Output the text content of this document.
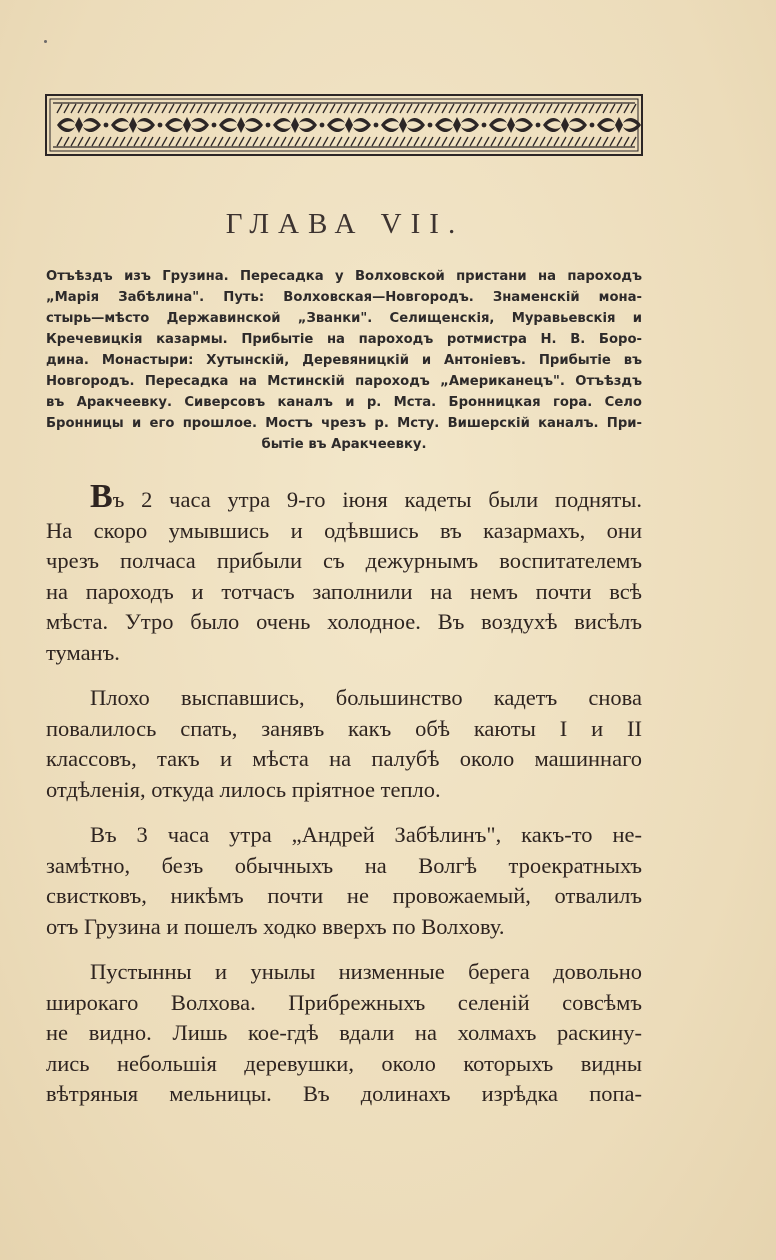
ГЛАВА VII.
Отъѣздъ изъ Грузина. Пересадка у Волховской пристани на пароходъ
„Марія Забѣлина". Путь: Волховская—Новгородъ. Знаменскій мона-
стырь—мѣсто Державинской „Званки". Селищенскія, Муравьевскія и
Кречевицкія казармы. Прибытіе на пароходъ ротмистра Н. В. Боро-
дина. Монастыри: Хутынскій, Деревяницкій и Антоніевъ. Прибытіе въ
Новгородъ. Пересадка на Мстинскій пароходъ „Американецъ". Отъѣздъ
въ Аракчеевку. Сиверсовъ каналъ и р. Мста. Бронницкая гора. Село
Бронницы и его прошлое. Мостъ чрезъ р. Мсту. Вишерскій каналъ. При-
бытіе въ Аракчеевку.
Въ 2 часа утра 9-го іюня кадеты были подняты.
На скоро умывшись и одѣвшись въ казармахъ, они
чрезъ полчаса прибыли съ дежурнымъ воспитателемъ
на пароходъ и тотчасъ заполнили на немъ почти всѣ
мѣста. Утро было очень холодное. Въ воздухѣ висѣлъ
туманъ.
Плохо выспавшись, большинство кадетъ снова
повалилось спать, занявъ какъ обѣ каюты I и II
классовъ, такъ и мѣста на палубѣ около машиннаго
отдѣленія, откуда лилось пріятное тепло.
Въ 3 часа утра „Андрей Забѣлинъ", какъ-то не-
замѣтно, безъ обычныхъ на Волгѣ троекратныхъ
свистковъ, никѣмъ почти не провожаемый, отвалилъ
отъ Грузина и пошелъ ходко вверхъ по Волхову.
Пустынны и унылы низменные берега довольно
широкаго Волхова. Прибрежныхъ селеній совсѣмъ
не видно. Лишь кое-гдѣ вдали на холмахъ раскину-
лись небольшія деревушки, около которыхъ видны
вѣтряныя мельницы. Въ долинахъ изрѣдка попа-
